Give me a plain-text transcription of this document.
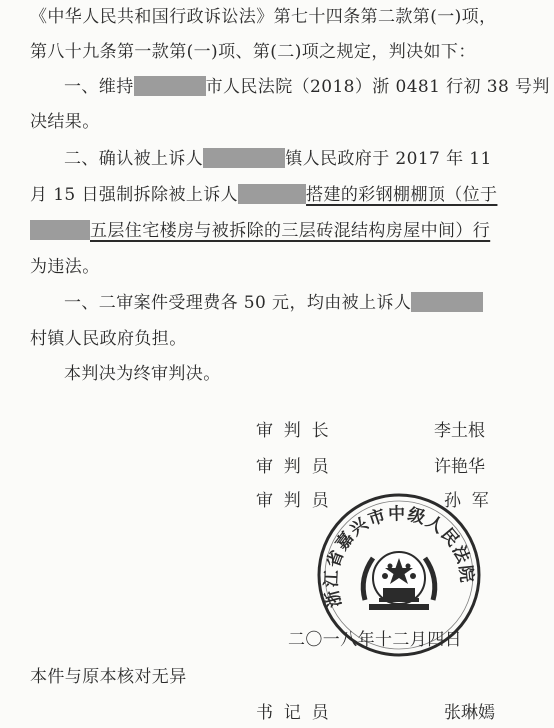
《中华人民共和国行政诉讼法》第七十四条第二款第(一)项，
第八十九条第一款第(一)项、第(二)项之规定，判决如下：
一、维持	市人民法院（2018）浙 0481 行初 38 号判
决结果。
二、确认被上诉人	镇人民政府于 2017 年 11
月 15 日强制拆除被上诉人	搭建的彩钢棚棚顶（位于
五层住宅楼房与被拆除的三层砖混结构房屋中间）行
为违法。
一、二审案件受理费各 50 元，均由被上诉人
村镇人民政府负担。
本判决为终审判决。
审  判  长	李土根
审  判  员	许艳华
审  判  员	孙  军
浙江省嘉兴市中级人民法院
二〇一八年十二月四日
本件与原本核对无异
书  记  员	张琳嫣
